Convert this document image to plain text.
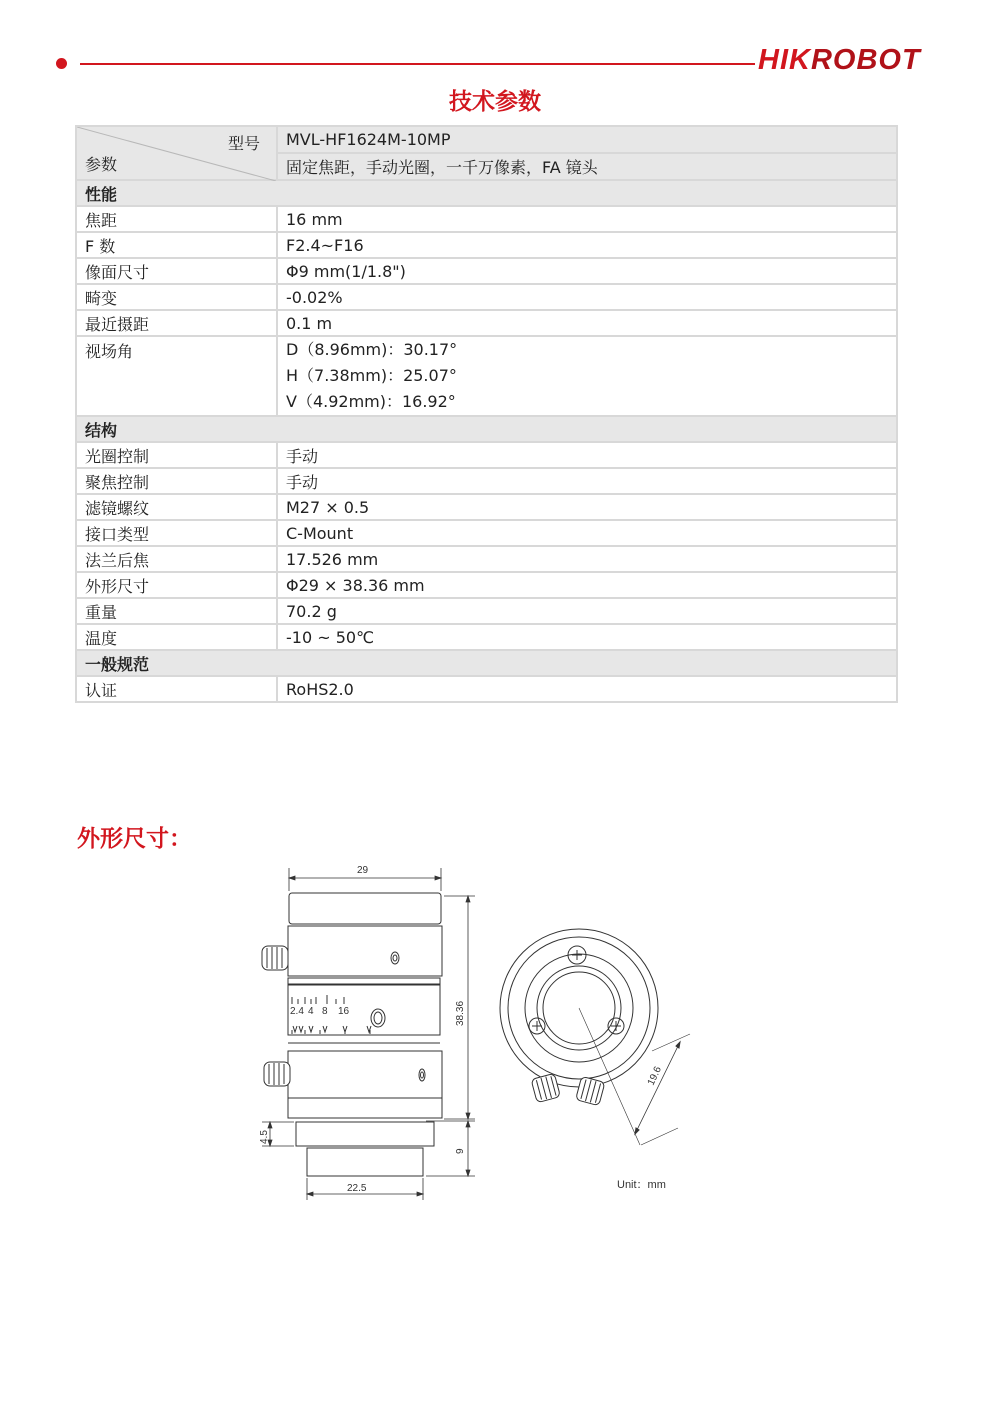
HIKROBOT
技术参数
型号
参数	MVL-HF1624M-10MP
	固定焦距，手动光圈，一千万像素，FA 镜头
性能	
焦距	16 mm
F 数	F2.4~F16
像面尺寸	Φ9 mm(1/1.8")
畸变	-0.02%
最近摄距	0.1 m
视场角	D（8.96mm)：30.17°
H（7.38mm)：25.07°
V（4.92mm)：16.92°

结构	
光圈控制	手动
聚焦控制	手动
滤镜螺纹	M27 × 0.5
接口类型	C-Mount
法兰后焦	17.526 mm
外形尺寸	Φ29 × 38.36 mm
重量	70.2 g
温度	-10 ~ 50℃
一般规范	
认证	RoHS2.0
外形尺寸：
2.4 4 8 16
29
38.36
9
4.5
22.5
19.6
Unit：mm
